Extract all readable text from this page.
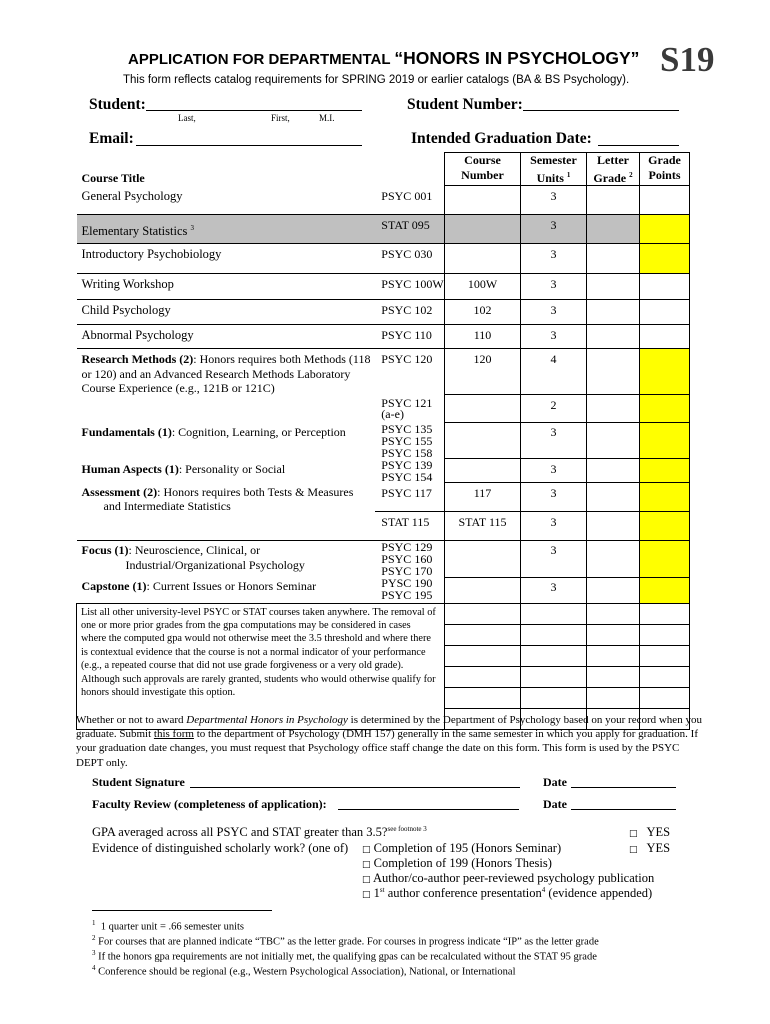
APPLICATION FOR DEPARTMENTAL “HONORS IN PSYCHOLOGY” S19
This form reflects catalog requirements for SPRING 2019 or earlier catalogs (BA & BS Psychology).
Student:
Last,	First,	M.I.
Student Number:
Email:	Intended Graduation Date:
Course Title		Course Number	Semester Units $^1$	Letter Grade $^2$	Grade Points
General Psychology	PSYC 001		3		
Elementary Statistics $^3$	STAT 095		3		
Introductory Psychobiology	PSYC 030		3		
Writing Workshop	PSYC 100W	100W	3		
Child Psychology	PSYC 102	102	3		
Abnormal Psychology	PSYC 110	110	3		
Research Methods (2): Honors requires both Methods (118 or 120) and an Advanced Research Methods Laboratory
Course Experience (e.g., 121B or 121C)	PSYC 120	120	4		
	PSYC 121 (a-e)		2		
Fundamentals (1): Cognition, Learning, or Perception	PSYC 135
PSYC 155
PSYC 158		3		
Human Aspects (1): Personality or Social	PSYC 139
PSYC 154		3		
Assessment (2): Honors requires both Tests & Measures
and Intermediate Statistics	PSYC 117	117	3		
	STAT 115	STAT 115	3		
Focus (1): Neuroscience, Clinical, or
Industrial/Organizational Psychology	PSYC 129
PSYC 160
PSYC 170		3		
Capstone (1): Current Issues or Honors Seminar	PYSC 190
PSYC 195		3		
List all other university-level PSYC or STAT courses taken anywhere. The removal of one or more prior grades from the gpa computations may be considered in cases where the computed gpa would not otherwise meet the 3.5 threshold and where there is contextual evidence that the course is not a normal indicator of your performance (e.g., a repeated course that did not use grade forgiveness or a very old grade). Although such approvals are rarely granted, students who would otherwise qualify for honors should investigate this option.					

Whether or not to award Departmental Honors in Psychology is determined by the Department of Psychology based on your record when you graduate. Submit this form to the department of Psychology (DMH 157) generally in the same semester in which you apply for graduation. If your graduation date changes, you must request that Psychology office staff change the date on this form. This form is used by the PSYC DEPT only.
Student Signature	Date
Faculty Review (completeness of application):	Date
GPA averaged across all PSYC and STAT greater than 3.5?$^{see footnote 3}$	□ YES
Evidence of distinguished scholarly work? (one of) □ Completion of 195 (Honors Seminar)	□ YES
□ Completion of 199 (Honors Thesis)
□ Author/co-author peer-reviewed psychology publication
□ 1st author conference presentation$^4$ (evidence appended)
$^1$ 1 quarter unit = .66 semester units
$^2$ For courses that are planned indicate “TBC” as the letter grade. For courses in progress indicate “IP” as the letter grade
$^3$ If the honors gpa requirements are not initially met, the qualifying gpas can be recalculated without the STAT 95 grade
$^4$ Conference should be regional (e.g., Western Psychological Association), National, or International
